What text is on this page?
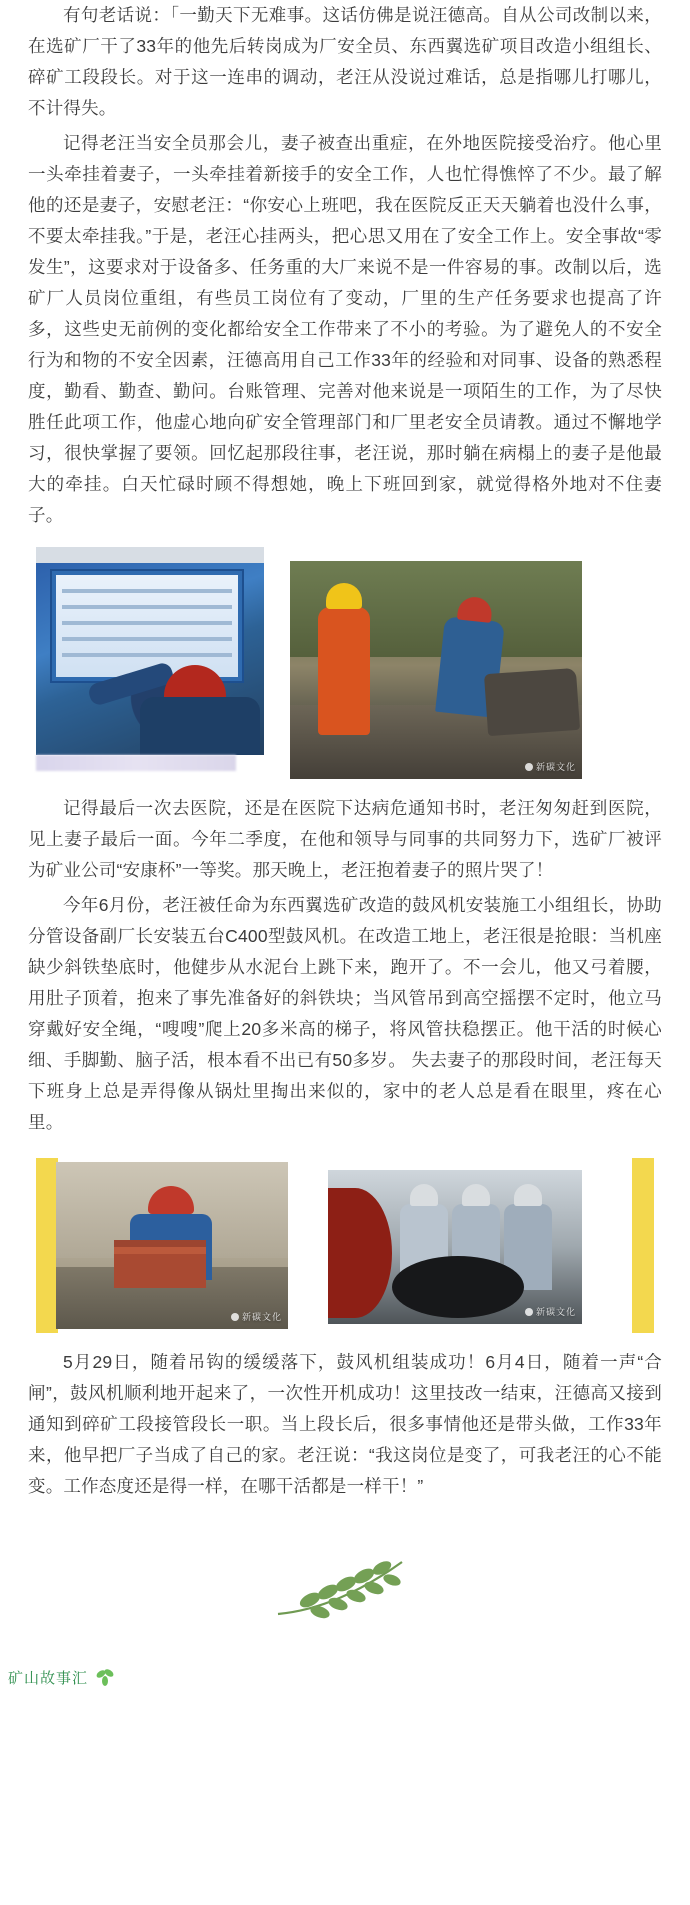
有句老话说：「一勤天下无难事。这话仿佛是说汪德高。自从公司改制以来，在选矿厂干了33年的他先后转岗成为厂安全员、东西翼选矿项目改造小组组长、碎矿工段段长。对于这一连串的调动，老汪从没说过难话，总是指哪儿打哪儿，不计得失。

记得老汪当安全员那会儿，妻子被查出重症，在外地医院接受治疗。他心里一头牵挂着妻子，一头牵挂着新接手的安全工作，人也忙得憔悴了不少。最了解他的还是妻子，安慰老汪：“你安心上班吧，我在医院反正天天躺着也没什么事，不要太牵挂我。”于是，老汪心挂两头，把心思又用在了安全工作上。安全事故“零发生”，这要求对于设备多、任务重的大厂来说不是一件容易的事。改制以后，选矿厂人员岗位重组，有些员工岗位有了变动，厂里的生产任务要求也提高了许多，这些史无前例的变化都给安全工作带来了不小的考验。为了避免人的不安全行为和物的不安全因素，汪德高用自己工作33年的经验和对同事、设备的熟悉程度，勤看、勤查、勤问。台账管理、完善对他来说是一项陌生的工作，为了尽快胜任此项工作，他虚心地向矿安全管理部门和厂里老安全员请教。通过不懈地学习，很快掌握了要领。回忆起那段往事，老汪说，那时躺在病榻上的妻子是他最大的牵挂。白天忙碌时顾不得想她，晚上下班回到家，就觉得格外地对不住妻子。

新碳文化

记得最后一次去医院，还是在医院下达病危通知书时，老汪匆匆赶到医院，见上妻子最后一面。今年二季度，在他和领导与同事的共同努力下，选矿厂被评为矿业公司“安康杯”一等奖。那天晚上，老汪抱着妻子的照片哭了！

今年6月份，老汪被任命为东西翼选矿改造的鼓风机安装施工小组组长，协助分管设备副厂长安装五台C400型鼓风机。在改造工地上，老汪很是抢眼：当机座缺少斜铁垫底时，他健步从水泥台上跳下来，跑开了。不一会儿，他又弓着腰，用肚子顶着，抱来了事先准备好的斜铁块；当风管吊到高空摇摆不定时，他立马穿戴好安全绳，“嗖嗖”爬上20多米高的梯子，将风管扶稳摆正。他干活的时候心细、手脚勤、脑子活，根本看不出已有50多岁。 失去妻子的那段时间，老汪每天下班身上总是弄得像从锅灶里掏出来似的，家中的老人总是看在眼里，疼在心里。

新碳文化	新碳文化

5月29日，随着吊钩的缓缓落下，鼓风机组装成功！6月4日，随着一声“合闸”，鼓风机顺利地开起来了，一次性开机成功！这里技改一结束，汪德高又接到通知到碎矿工段接管段长一职。当上段长后，很多事情他还是带头做，工作33年来，他早把厂子当成了自己的家。老汪说：“我这岗位是变了，可我老汪的心不能变。工作态度还是得一样，在哪干活都是一样干！”

矿山故事汇
